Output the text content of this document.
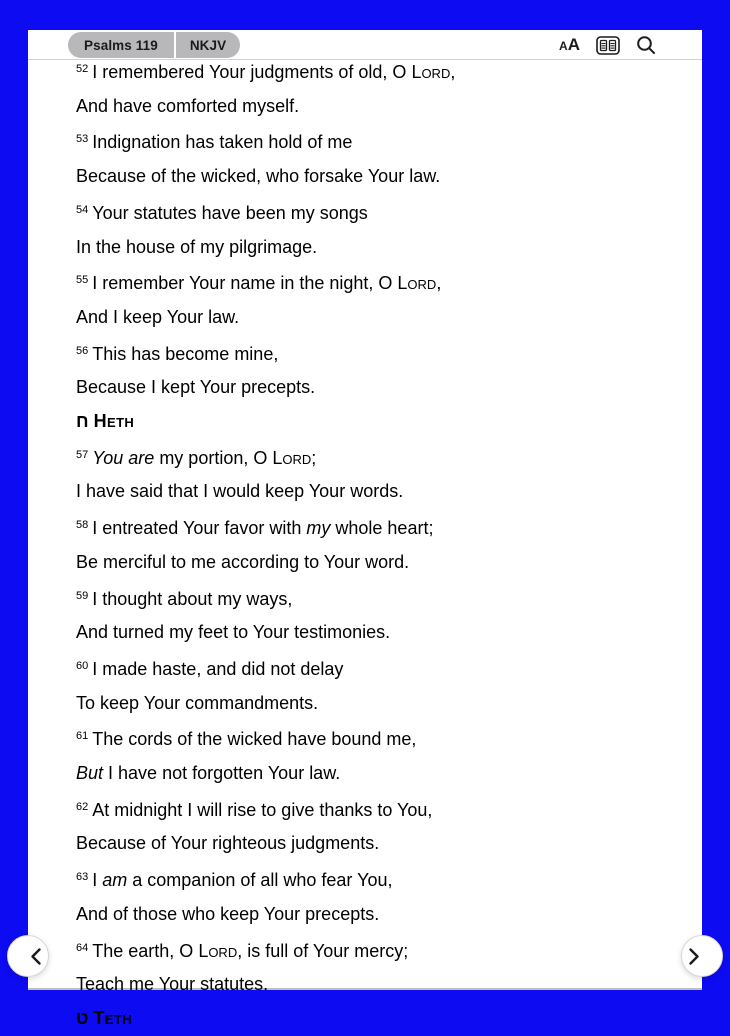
Psalms 119	NKJV	A A
$^{52}$ I remembered Your judgments of old, O Lord,
And have comforted myself.
$^{53}$ Indignation has taken hold of me
Because of the wicked, who forsake Your law.
$^{54}$ Your statutes have been my songs
In the house of my pilgrimage.
$^{55}$ I remember Your name in the night, O Lord,
And I keep Your law.
$^{56}$ This has become mine,
Because I kept Your precepts.
ח Heth
$^{57}$ You are my portion, O Lord;
I have said that I would keep Your words.
$^{58}$ I entreated Your favor with my whole heart;
Be merciful to me according to Your word.
$^{59}$ I thought about my ways,
And turned my feet to Your testimonies.
$^{60}$ I made haste, and did not delay
To keep Your commandments.
$^{61}$ The cords of the wicked have bound me,
But I have not forgotten Your law.
$^{62}$ At midnight I will rise to give thanks to You,
Because of Your righteous judgments.
$^{63}$ I am a companion of all who fear You,
And of those who keep Your precepts.
$^{64}$ The earth, O Lord, is full of Your mercy;
Teach me Your statutes.
ט Teth
